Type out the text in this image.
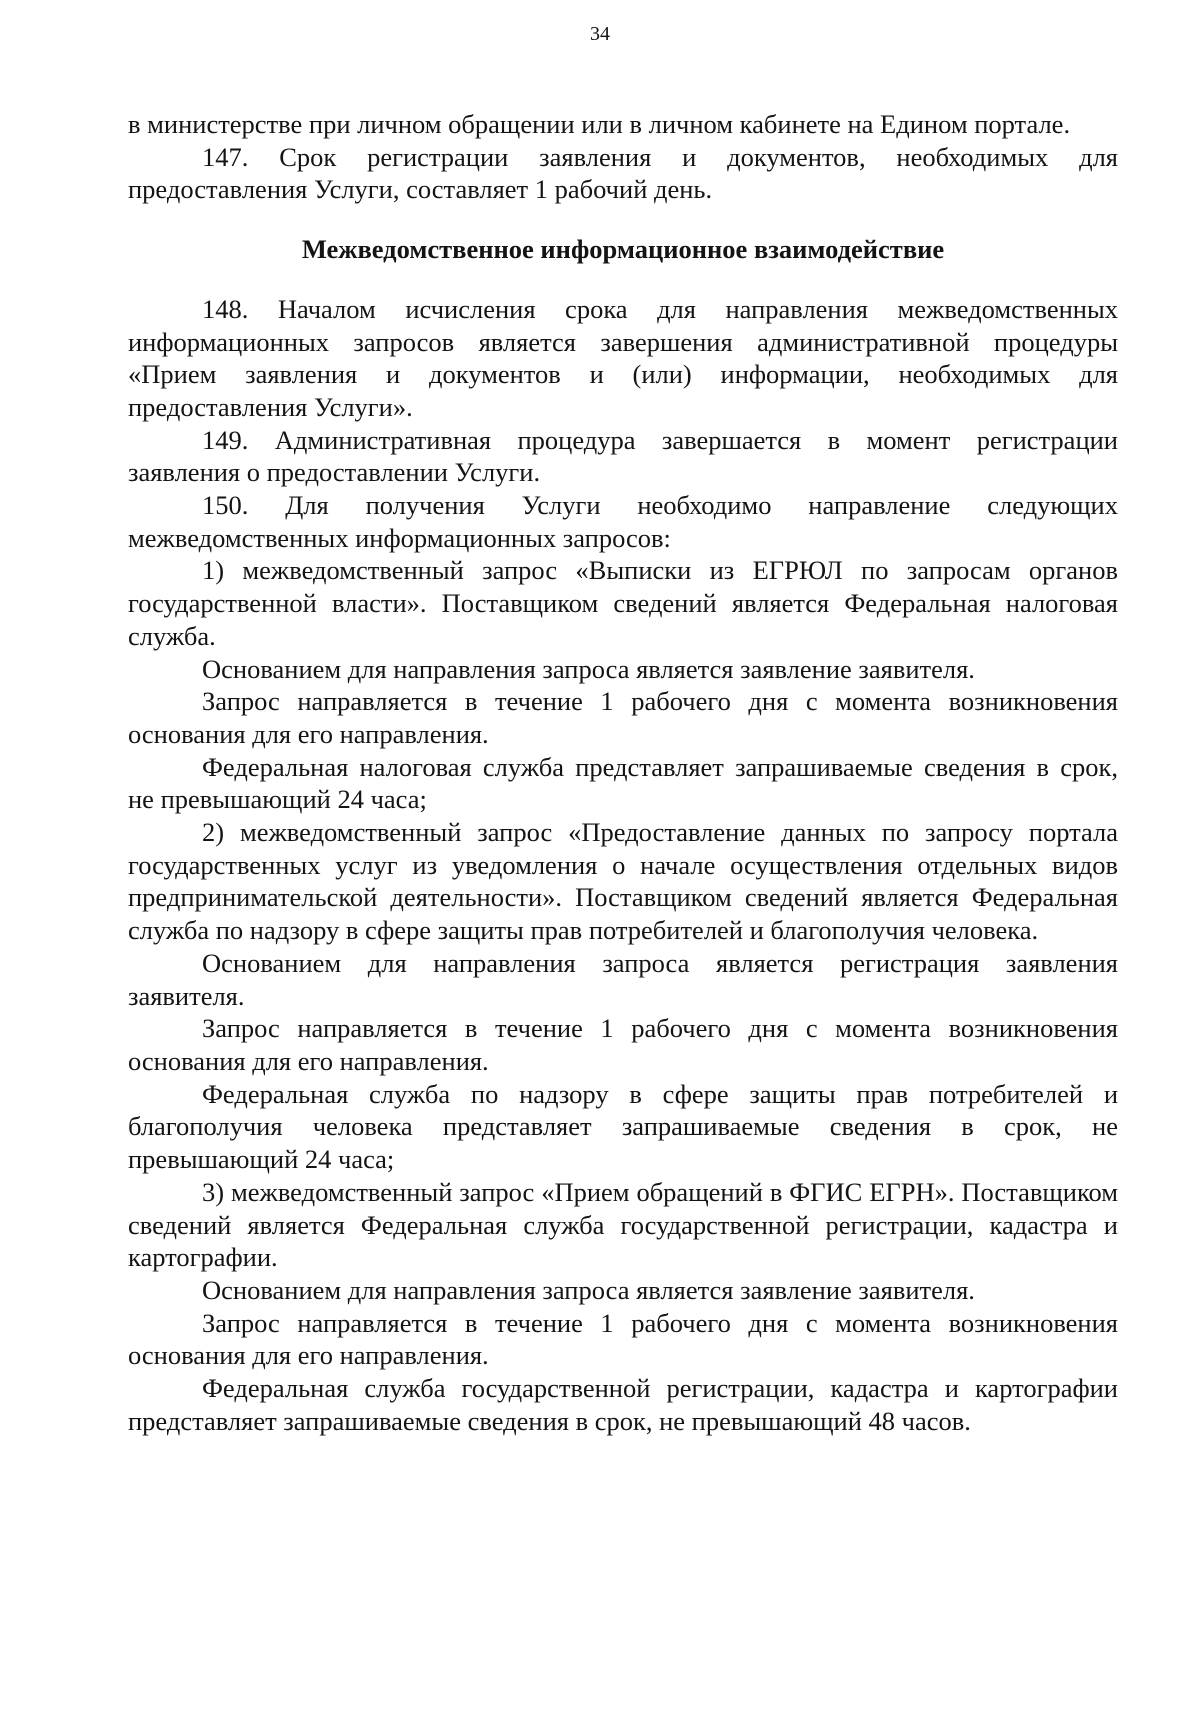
34

в министерстве при личном обращении или в личном кабинете на Едином портале.

147. Срок регистрации заявления и документов, необходимых для предоставления Услуги, составляет 1 рабочий день.

Межведомственное информационное взаимодействие

148. Началом исчисления срока для направления межведомственных информационных запросов является завершения административной процедуры «Прием заявления и документов и (или) информации, необходимых для предоставления Услуги».

149. Административная процедура завершается в момент регистрации заявления о предоставлении Услуги.

150. Для получения Услуги необходимо направление следующих межведомственных информационных запросов:

1) межведомственный запрос «Выписки из ЕГРЮЛ по запросам органов государственной власти». Поставщиком сведений является Федеральная налоговая служба.

Основанием для направления запроса является заявление заявителя.

Запрос направляется в течение 1 рабочего дня с момента возникновения основания для его направления.

Федеральная налоговая служба представляет запрашиваемые сведения в срок, не превышающий 24 часа;

2) межведомственный запрос «Предоставление данных по запросу портала государственных услуг из уведомления о начале осуществления отдельных видов предпринимательской деятельности». Поставщиком сведений является Федеральная служба по надзору в сфере защиты прав потребителей и благополучия человека.

Основанием для направления запроса является регистрация заявления заявителя.

Запрос направляется в течение 1 рабочего дня с момента возникновения основания для его направления.

Федеральная служба по надзору в сфере защиты прав потребителей и благополучия человека представляет запрашиваемые сведения в срок, не превышающий 24 часа;

3) межведомственный запрос «Прием обращений в ФГИС ЕГРН». Поставщиком сведений является Федеральная служба государственной регистрации, кадастра и картографии.

Основанием для направления запроса является заявление заявителя.

Запрос направляется в течение 1 рабочего дня с момента возникновения основания для его направления.

Федеральная служба государственной регистрации, кадастра и картографии представляет запрашиваемые сведения в срок, не превышающий 48 часов.
